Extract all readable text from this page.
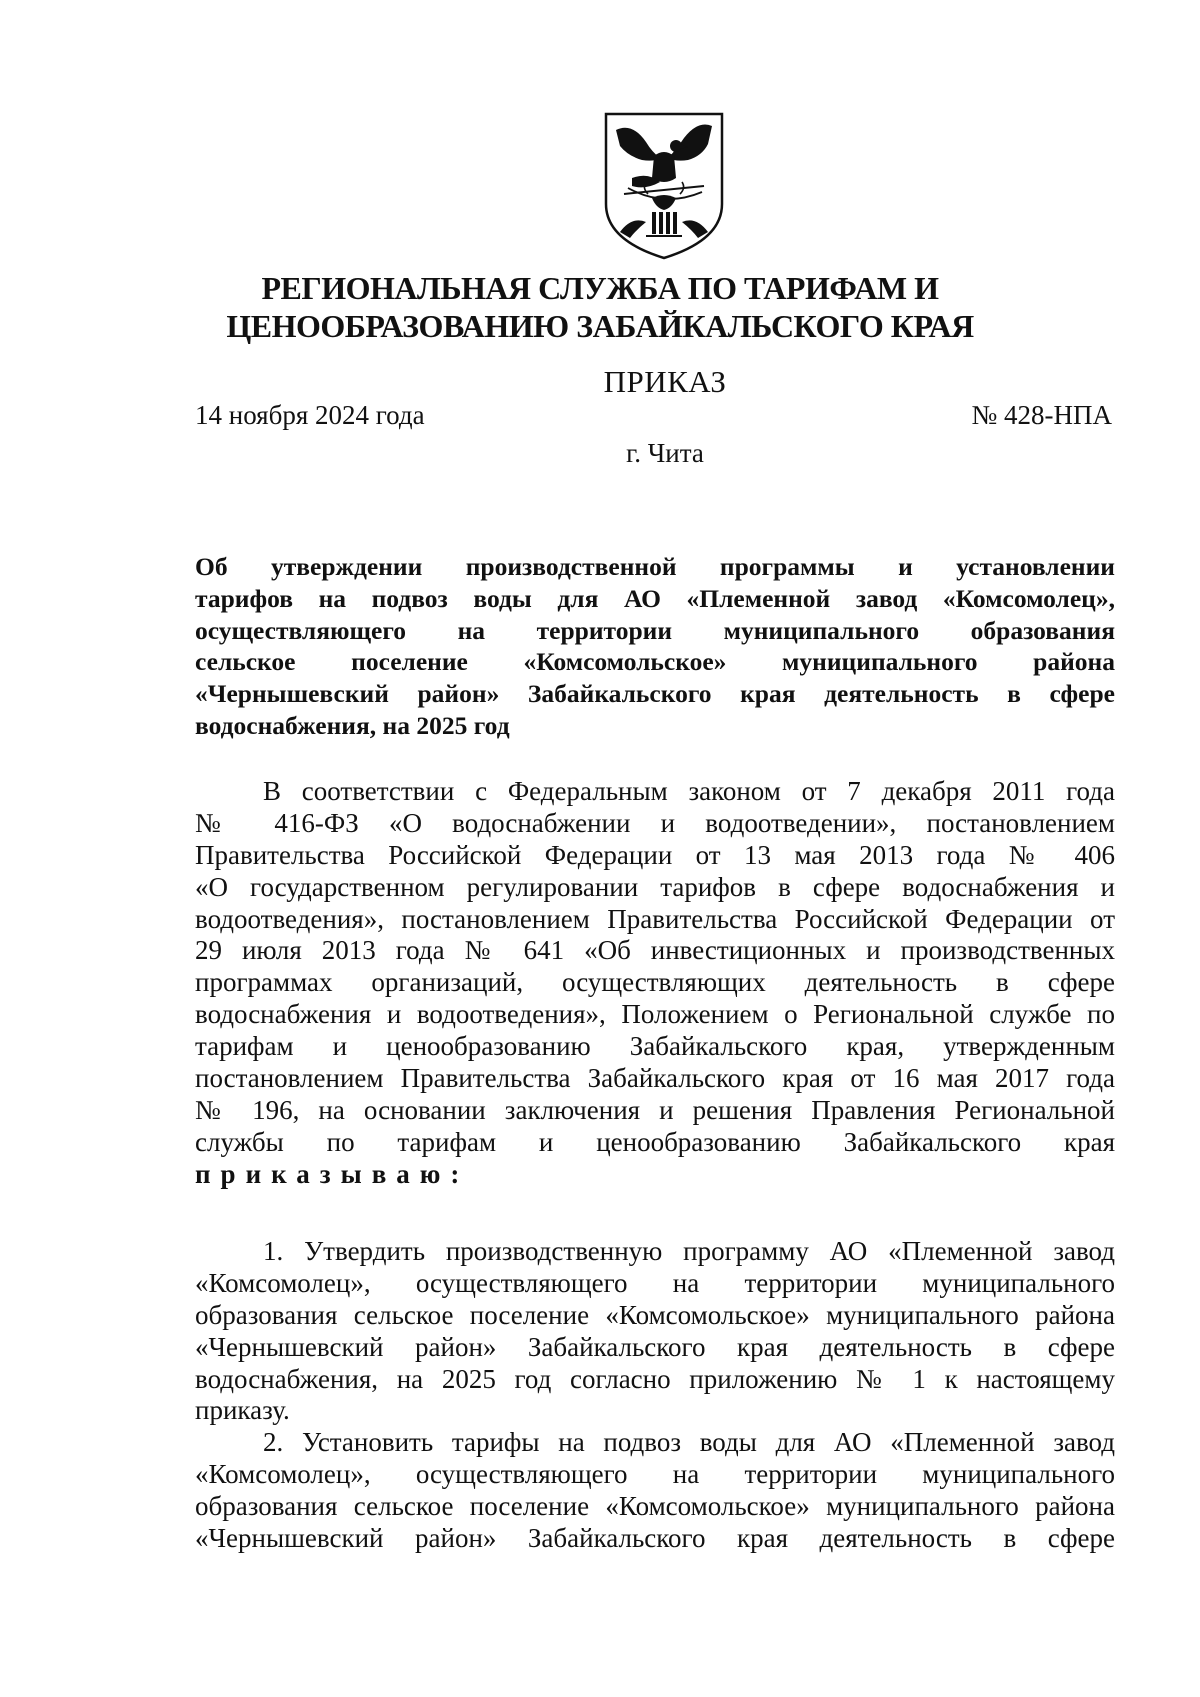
РЕГИОНАЛЬНАЯ СЛУЖБА ПО ТАРИФАМ И
ЦЕНООБРАЗОВАНИЮ ЗАБАЙКАЛЬСКОГО КРАЯ
ПРИКАЗ
14 ноября 2024 года	№ 428-НПА
г. Чита
Об утверждении производственной программы и установлении
тарифов на подвоз воды для АО «Племенной завод «Комсомолец»,
осуществляющего на территории муниципального образования
сельское поселение «Комсомольское» муниципального района
«Чернышевский район» Забайкальского края деятельность в сфере
водоснабжения, на 2025 год
В соответствии с Федеральным законом от 7 декабря 2011 года
№ 416-ФЗ «О водоснабжении и водоотведении», постановлением
Правительства Российской Федерации от 13 мая 2013 года № 406
«О государственном регулировании тарифов в сфере водоснабжения и
водоотведения», постановлением Правительства Российской Федерации от
29 июля 2013 года № 641 «Об инвестиционных и производственных
программах организаций, осуществляющих деятельность в сфере
водоснабжения и водоотведения», Положением о Региональной службе по
тарифам и ценообразованию Забайкальского края, утвержденным
постановлением Правительства Забайкальского края от 16 мая 2017 года
№ 196, на основании заключения и решения Правления Региональной
службы по тарифам и ценообразованию Забайкальского края
приказываю:
1. Утвердить производственную программу АО «Племенной завод
«Комсомолец», осуществляющего на территории муниципального
образования сельское поселение «Комсомольское» муниципального района
«Чернышевский район» Забайкальского края деятельность в сфере
водоснабжения, на 2025 год согласно приложению № 1 к настоящему
приказу.
2. Установить тарифы на подвоз воды для АО «Племенной завод
«Комсомолец», осуществляющего на территории муниципального
образования сельское поселение «Комсомольское» муниципального района
«Чернышевский район» Забайкальского края деятельность в сфере
